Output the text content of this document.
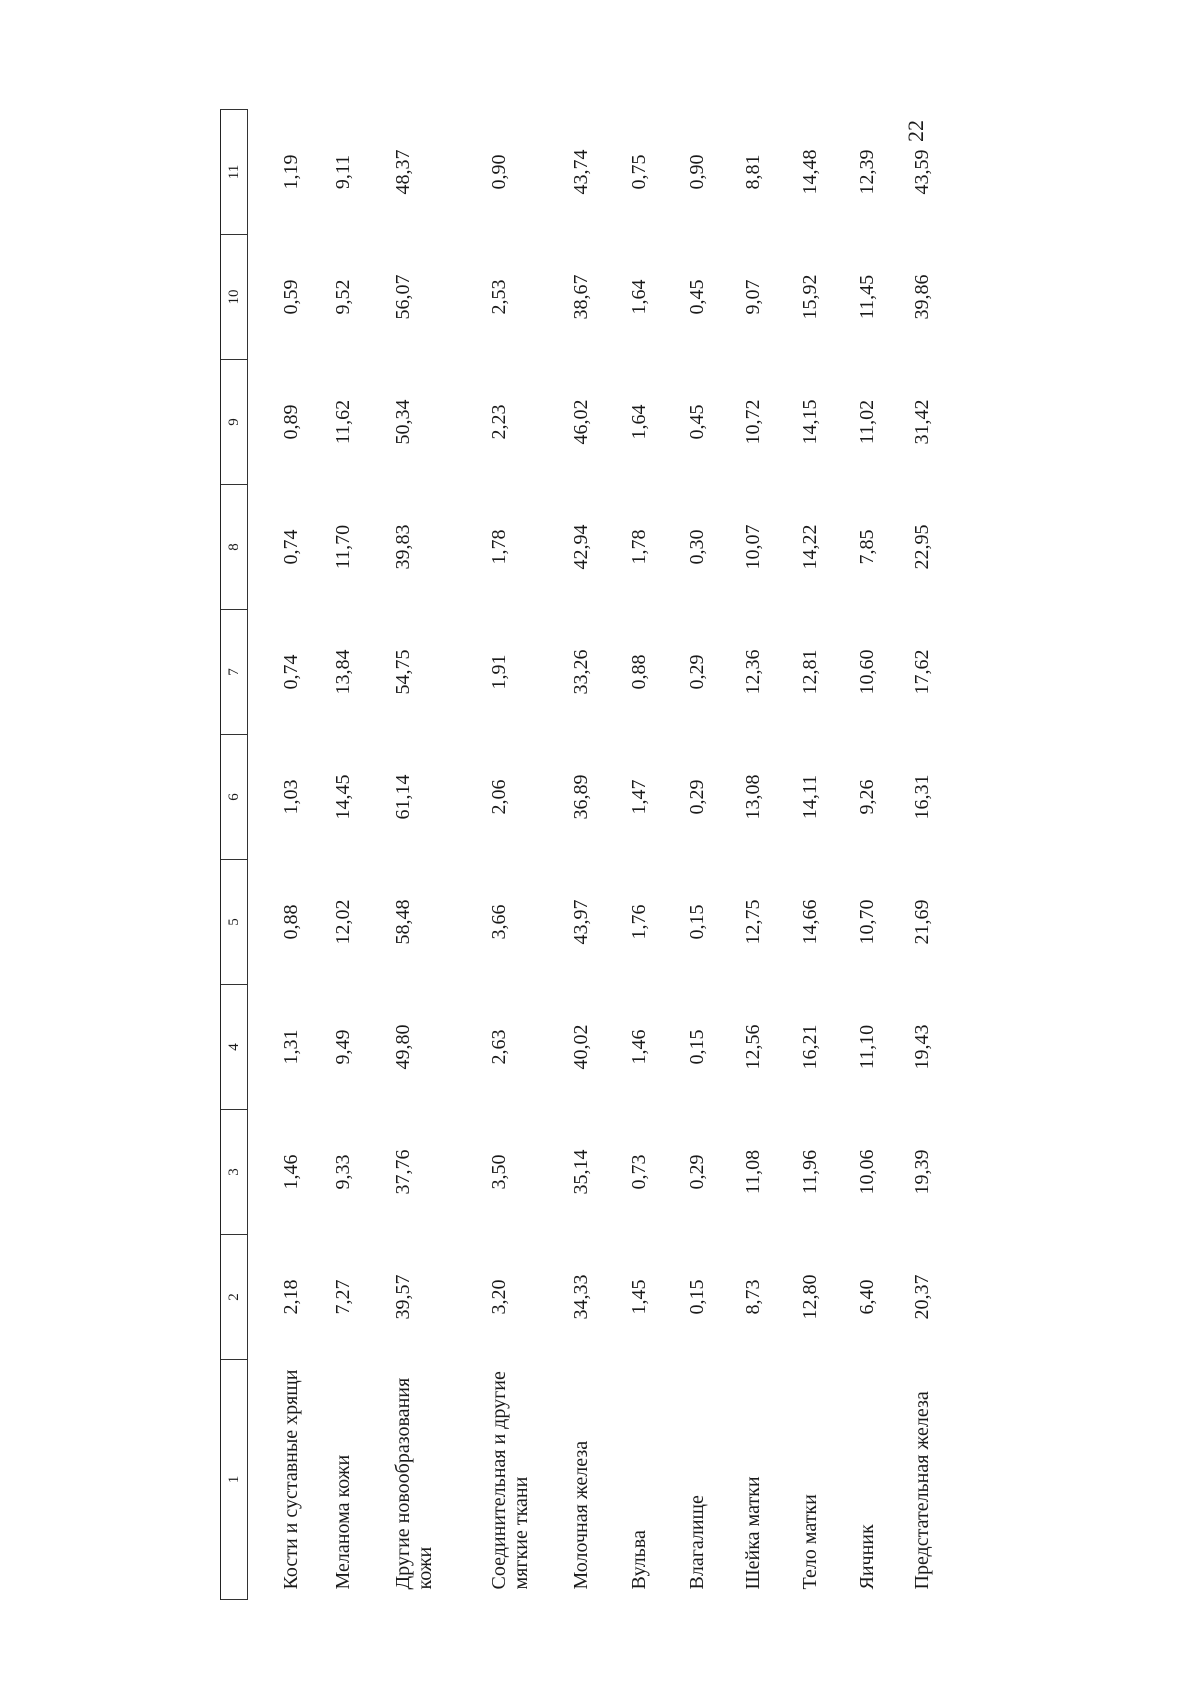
22
1	2	3	4	5	6	7	8	9	10	11
Кости и суставные хрящи	2,18	1,46	1,31	0,88	1,03	0,74	0,74	0,89	0,59	1,19
Меланома кожи	7,27	9,33	9,49	12,02	14,45	13,84	11,70	11,62	9,52	9,11
Другие новообразования кожи	39,57	37,76	49,80	58,48	61,14	54,75	39,83	50,34	56,07	48,37
Соединительная и другие мягкие ткани	3,20	3,50	2,63	3,66	2,06	1,91	1,78	2,23	2,53	0,90
Молочная железа	34,33	35,14	40,02	43,97	36,89	33,26	42,94	46,02	38,67	43,74
Вульва	1,45	0,73	1,46	1,76	1,47	0,88	1,78	1,64	1,64	0,75
Влагалище	0,15	0,29	0,15	0,15	0,29	0,29	0,30	0,45	0,45	0,90
Шейка матки	8,73	11,08	12,56	12,75	13,08	12,36	10,07	10,72	9,07	8,81
Тело матки	12,80	11,96	16,21	14,66	14,11	12,81	14,22	14,15	15,92	14,48
Яичник	6,40	10,06	11,10	10,70	9,26	10,60	7,85	11,02	11,45	12,39
Предстательная железа	20,37	19,39	19,43	21,69	16,31	17,62	22,95	31,42	39,86	43,59
